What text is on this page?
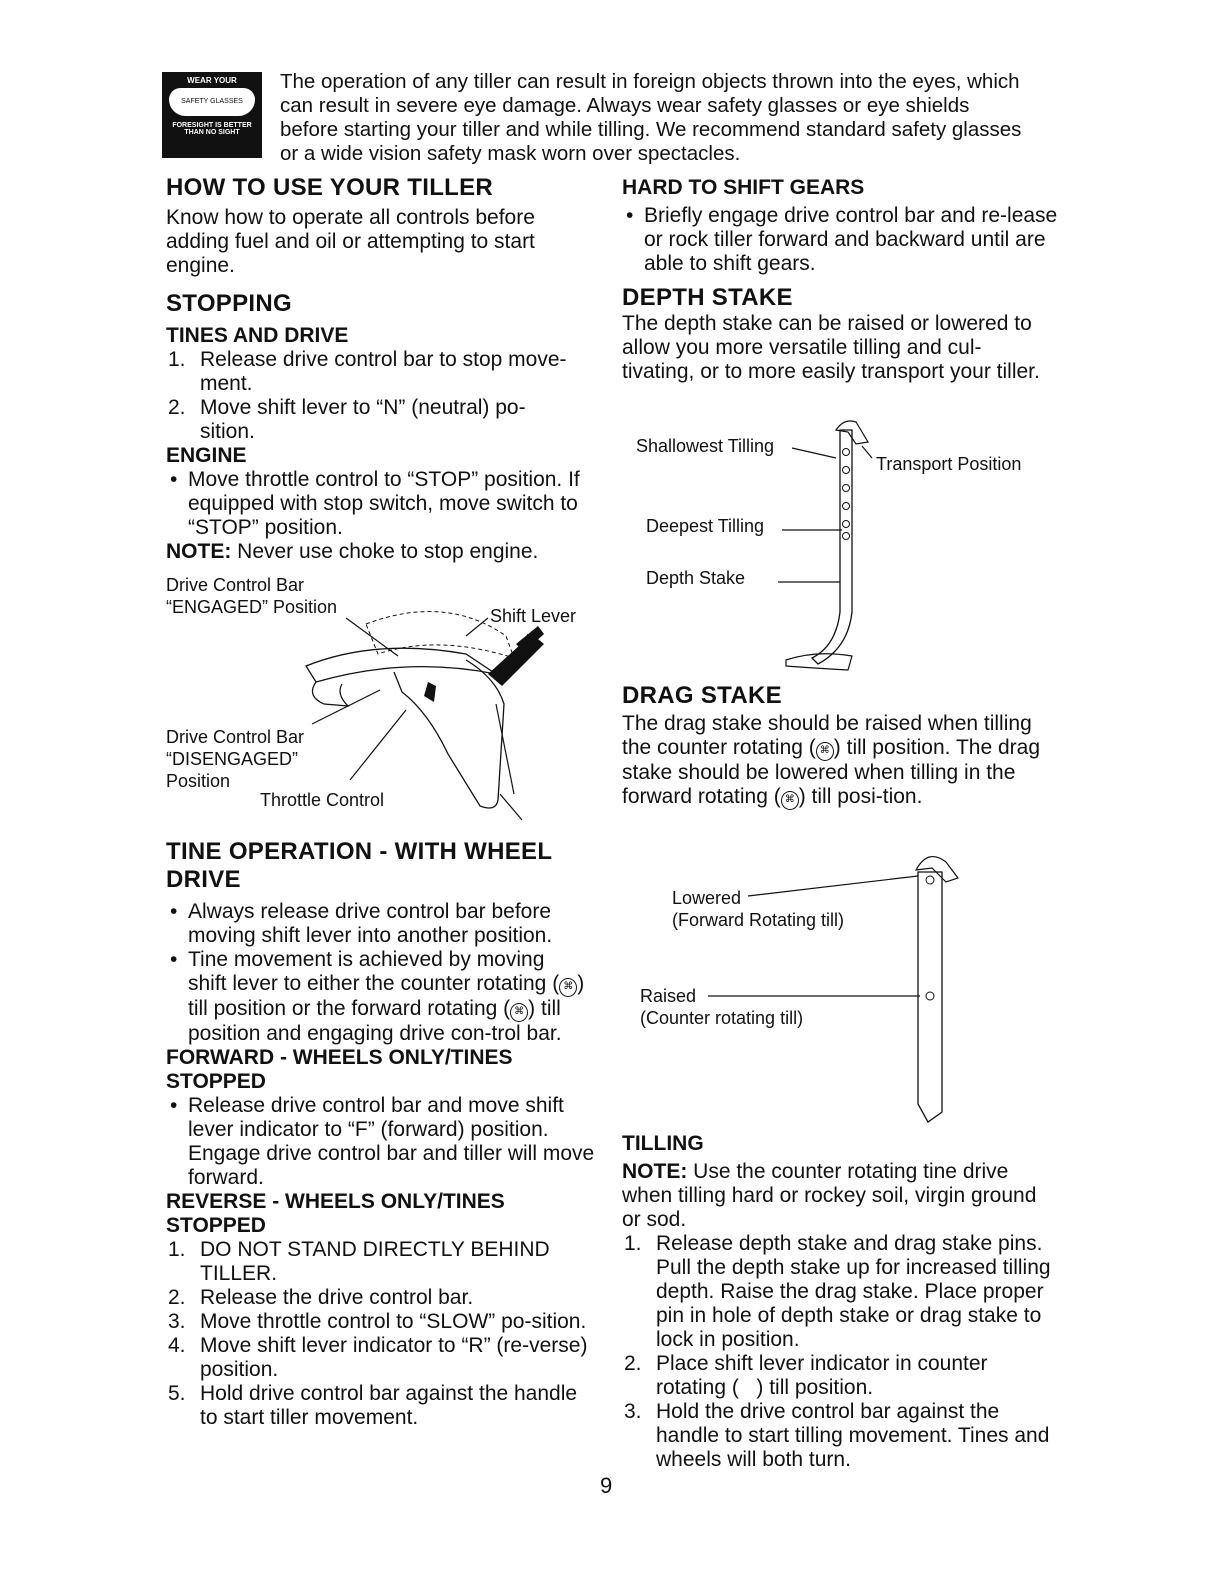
WEAR YOUR
SAFETY GLASSES
FORESIGHT IS BETTER
THAN NO SIGHT

The operation of any tiller can result in foreign objects thrown into the eyes, which can result in severe eye damage. Always wear safety glasses or eye shields before starting your tiller and while tilling. We recommend standard safety glasses or a wide vision safety mask worn over spectacles.

HOW TO USE YOUR TILLER

Know how to operate all controls before adding fuel and oil or attempting to start engine.

STOPPING
TINES AND DRIVE
1. Release drive control bar to stop move-ment.
2. Move shift lever to “N” (neutral) po-sition.
ENGINE
• Move throttle control to “STOP” position. If equipped with stop switch, move switch to “STOP” position.

NOTE: Never use choke to stop engine.

Drive Control Bar
“ENGAGED” Position	Shift Lever
Drive Control Bar
“DISENGAGED”
Position
Throttle Control
TINE OPERATION - WITH WHEEL DRIVE
• Always release drive control bar before moving shift lever into another position.
• Tine movement is achieved by moving shift lever to either the counter rotating ( ⌘ ) till position or the forward rotating ( ⌘ ) till position and engaging drive con-trol bar.
FORWARD - WHEELS ONLY/TINES STOPPED
• Release drive control bar and move shift lever indicator to “F” (forward) position. Engage drive control bar and tiller will move forward.
REVERSE - WHEELS ONLY/TINES STOPPED
1. DO NOT STAND DIRECTLY BEHIND TILLER.
2. Release the drive control bar.
3. Move throttle control to “SLOW” po-sition.
4. Move shift lever indicator to “R” (re-verse) position.
5. Hold drive control bar against the handle to start tiller movement.
HARD TO SHIFT GEARS
• Briefly engage drive control bar and re-lease or rock tiller forward and backward until are able to shift gears.
DEPTH STAKE

The depth stake can be raised or lowered to allow you more versatile tilling and cul-tivating, or to more easily transport your tiller.

Shallowest Tilling
Transport Position
Deepest Tilling
Depth Stake
DRAG STAKE

The drag stake should be raised when tilling the counter rotating ( ⌘ ) till position. The drag stake should be lowered when tilling in the forward rotating ( ⌘ ) till posi-tion.

Lowered
(Forward Rotating till)
Raised
(Counter rotating till)
TILLING

NOTE: Use the counter rotating tine drive when tilling hard or rockey soil, virgin ground or sod.

1. Release depth stake and drag stake pins. Pull the depth stake up for increased tilling depth. Raise the drag stake. Place proper pin in hole of depth stake or drag stake to lock in position.
2. Place shift lever indicator in counter rotating (   ) till position.
3. Hold the drive control bar against the handle to start tilling movement. Tines and wheels will both turn.
9
